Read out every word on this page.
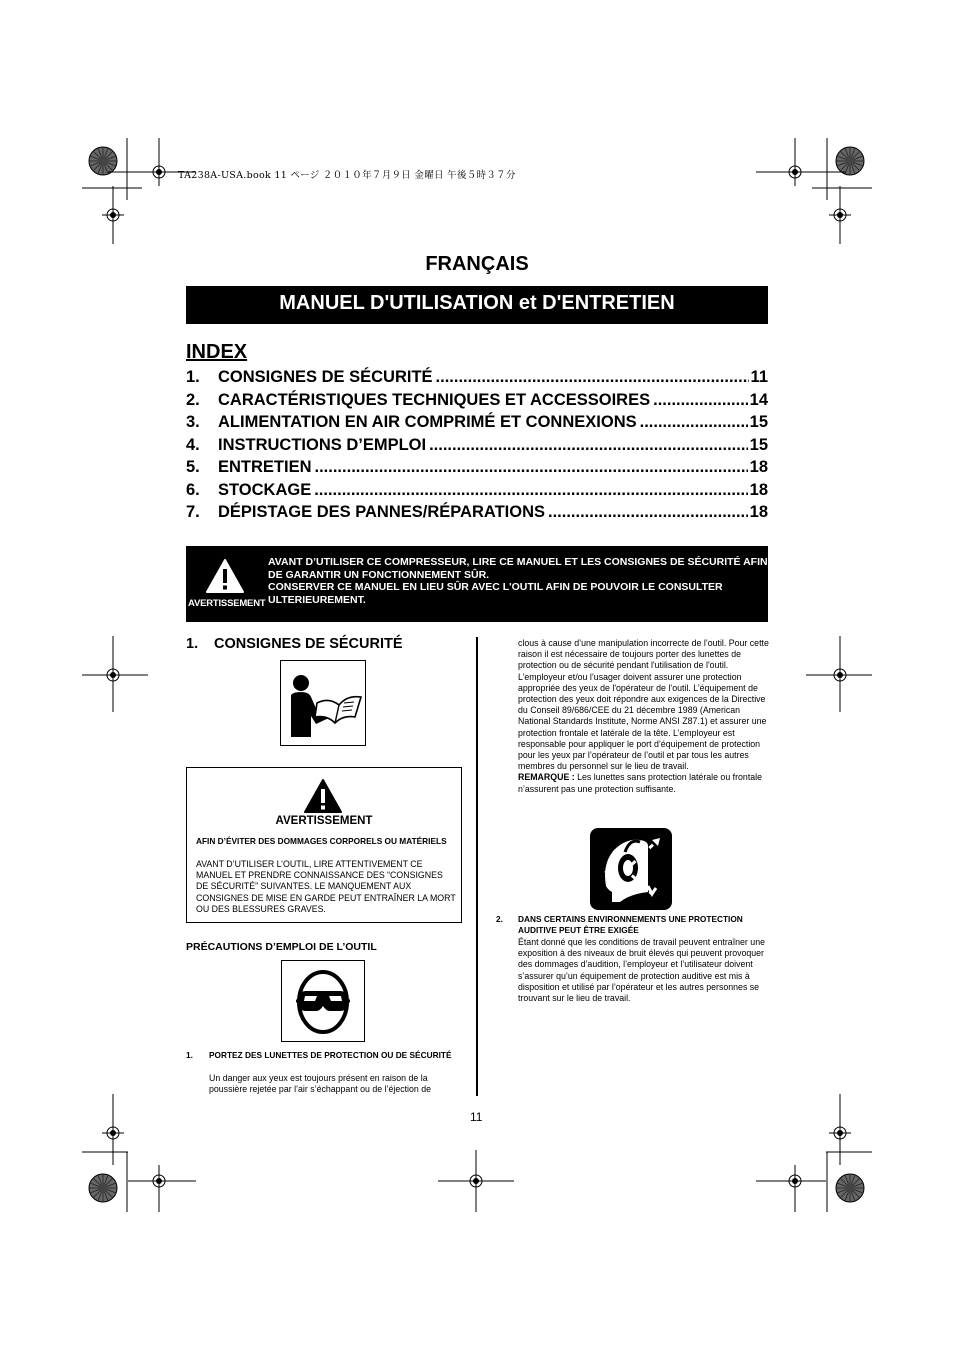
TA238A-USA.book 11 ページ ２０１０年７月９日 金曜日 午後５時３７分
FRANÇAIS
MANUEL D'UTILISATION et D'ENTRETIEN
INDEX
1.	CONSIGNES DE SÉCURITÉ .....	11
2.	CARACTÉRISTIQUES TECHNIQUES ET ACCESSOIRES .....	14
3.	ALIMENTATION EN AIR COMPRIMÉ ET CONNEXIONS .....	15
4.	INSTRUCTIONS D’EMPLOI .....	15
5.	ENTRETIEN .....	18
6.	STOCKAGE .....	18
7.	DÉPISTAGE DES PANNES/RÉPARATIONS .....	18
AVERTISSEMENT
AVANT D’UTILISER CE COMPRESSEUR, LIRE CE MANUEL ET LES CONSIGNES DE SÉCURITÉ AFIN DE GARANTIR UN FONCTIONNEMENT SÛR.
CONSERVER CE MANUEL EN LIEU SÛR AVEC L'OUTIL AFIN DE POUVOIR LE CONSULTER ULTERIEUREMENT.
1. CONSIGNES DE SÉCURITÉ
AVERTISSEMENT
AFIN D’ÉVITER DES DOMMAGES CORPORELS OU MATÉRIELS
AVANT D’UTILISER L’OUTIL, LIRE ATTENTIVEMENT CE MANUEL ET PRENDRE CONNAISSANCE DES “CONSIGNES DE SÉCURITÉ” SUIVANTES. LE MANQUEMENT AUX CONSIGNES DE MISE EN GARDE PEUT ENTRAÎNER LA MORT OU DES BLESSURES GRAVES.
PRÉCAUTIONS D’EMPLOI DE L’OUTIL
1. PORTEZ DES LUNETTES DE PROTECTION OU DE SÉCURITÉ
Un danger aux yeux est toujours présent en raison de la poussière rejetée par l’air s’échappant ou de l’éjection de
clous à cause d’une manipulation incorrecte de l’outil. Pour cette raison il est nécessaire de toujours porter des lunettes de protection ou de sécurité pendant l'utilisation de l'outil. L’employeur et/ou l’usager doivent assurer une protection appropriée des yeux de l'opérateur de l’outil. L’équipement de protection des yeux doit répondre aux exigences de la Directive du Conseil 89/686/CEE du 21 décembre 1989 (American National Standards Institute, Norme ANSI Z87.1) et assurer une protection frontale et latérale de la tête. L’employeur est responsable pour appliquer le port d’équipement de protection pour les yeux par l’opérateur de l’outil et par tous les autres membres du personnel sur le lieu de travail.
REMARQUE : Les lunettes sans protection latérale ou frontale n’assurent pas une protection suffisante.
2. DANS CERTAINS ENVIRONNEMENTS UNE PROTECTION AUDITIVE PEUT ÊTRE EXIGÉE
Étant donné que les conditions de travail peuvent entraîner une exposition à des niveaux de bruit élevés qui peuvent provoquer des dommages d’audition, l’employeur et l’utilisateur doivent s’assurer qu’un équipement de protection auditive est mis à disposition et utilisé par l’opérateur et les autres personnes se trouvant sur le lieu de travail.
11
